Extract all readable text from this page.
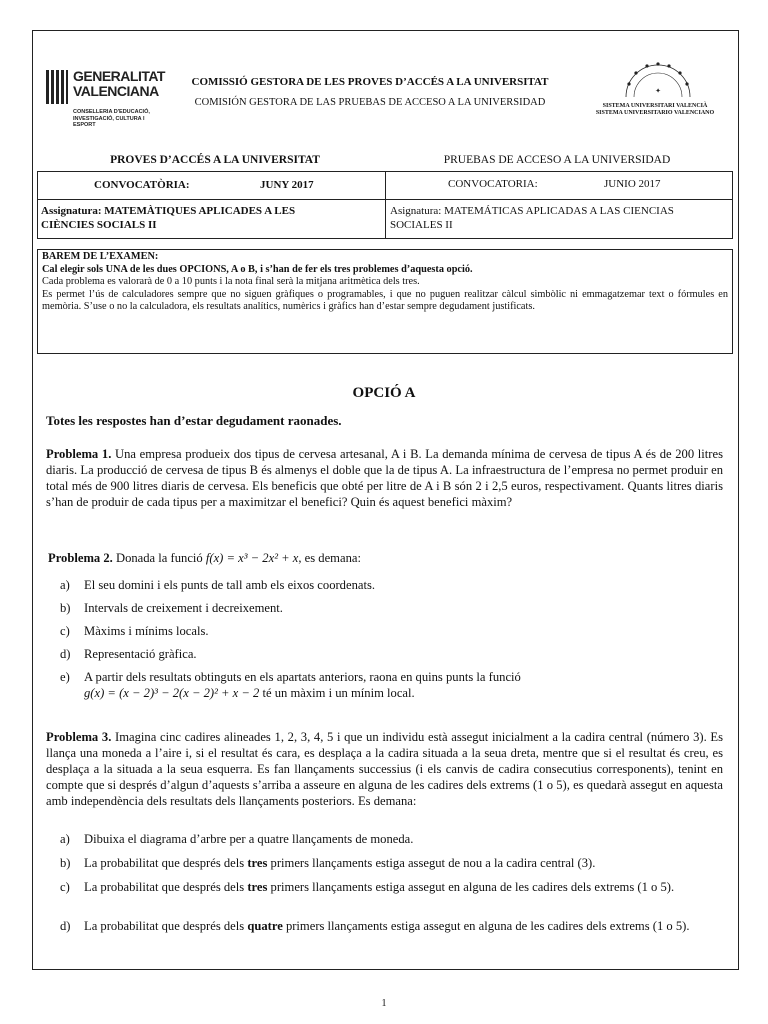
GENERALITAT
VALENCIANA
CONSELLERIA D'EDUCACIÓ,
INVESTIGACIÓ, CULTURA I ESPORT
COMISSIÓ GESTORA DE LES PROVES D’ACCÉS A LA UNIVERSITAT
COMISIÓN GESTORA DE LAS PRUEBAS DE ACCESO A LA UNIVERSIDAD
✦
SISTEMA UNIVERSITARI VALENCIÀ
SISTEMA UNIVERSITARIO VALENCIANO
PROVES D’ACCÉS A LA UNIVERSITAT	PRUEBAS DE ACCESO A LA UNIVERSIDAD
CONVOCATÒRIA:	JUNY 2017	CONVOCATORIA:	JUNIO 2017
Assignatura: MATEMÀTIQUES APLICADES A LES
CIÈNCIES SOCIALS II
Asignatura: MATEMÁTICAS APLICADAS A LAS CIENCIAS
SOCIALES II

BAREM DE L’EXAMEN:

Cal elegir sols UNA de les dues OPCIONS, A o B, i s’han de fer els tres problemes d’aquesta opció.

Cada problema es valorarà de 0 a 10 punts i la nota final serà la mitjana aritmètica dels tres.

Es permet l’ús de calculadores sempre que no siguen gràfiques o programables, i que no puguen realitzar càlcul simbòlic ni emmagatzemar text o fórmules en memòria. S’use o no la calculadora, els resultats analítics, numèrics i gràfics han d’estar sempre degudament justificats.

OPCIÓ A
Totes les respostes han d’estar degudament raonades.
Problema 1. Una empresa produeix dos tipus de cervesa artesanal, A i B. La demanda mínima de cervesa de tipus A és de 200 litres diaris. La producció de cervesa de tipus B és almenys el doble que la de tipus A. La infraestructura de l’empresa no permet produir en total més de 900 litres diaris de cervesa. Els beneficis que obté per litre de A i B són 2 i 2,5 euros, respectivament. Quants litres diaris s’han de produir de cada tipus per a maximitzar el benefici? Quin és aquest benefici màxim?
Problema 2. Donada la funció f(x) = x³ − 2x² + x, es demana:
a) El seu domini i els punts de tall amb els eixos coordenats.
b) Intervals de creixement i decreixement.
c) Màxims i mínims locals.
d) Representació gràfica.
e) A partir dels resultats obtinguts en els apartats anteriors, raona en quins punts la funció
g(x) = (x − 2)³ − 2(x − 2)² + x − 2 té un màxim i un mínim local.
Problema 3. Imagina cinc cadires alineades 1, 2, 3, 4, 5 i que un individu està assegut inicialment a la cadira central (número 3). Es llança una moneda a l’aire i, si el resultat és cara, es desplaça a la cadira situada a la seua dreta, mentre que si el resultat és creu, es desplaça a la situada a la seua esquerra. Es fan llançaments successius (i els canvis de cadira consecutius corresponents), tenint en compte que si després d’algun d’aquests s’arriba a asseure en alguna de les cadires dels extrems (1 o 5), es quedarà assegut en aquesta amb independència dels resultats dels llançaments posteriors. Es demana:
a) Dibuixa el diagrama d’arbre per a quatre llançaments de moneda.
b) La probabilitat que després dels tres primers llançaments estiga assegut de nou a la cadira central (3).
c) La probabilitat que després dels tres primers llançaments estiga assegut en alguna de les cadires dels extrems (1 o 5).
d) La probabilitat que després dels quatre primers llançaments estiga assegut en alguna de les cadires dels extrems (1 o 5).
1
